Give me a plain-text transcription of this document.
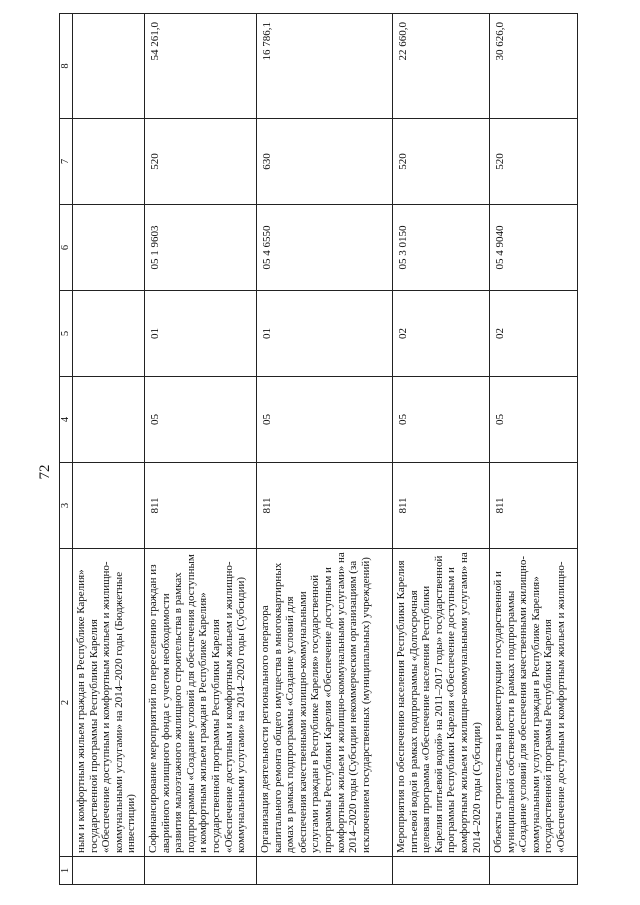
72
1	2	3	4	5	6	7	8
	ным и комфортным жильем граждан в Республике Карелия» государственной программы Республики Карелия «Обеспечение доступным и комфортным жильем и жилищно-коммунальными услугами» на 2014–2020 годы (Бюджетные инвестиции)						
	Софинансирование мероприятий по переселению граждан из аварийного жилищного фонда с учетом необходимости развития малоэтажного жилищного строительства в рамках подпрограммы «Создание условий для обеспечения доступным и комфортным жильем граждан в Республике Карелия» государственной программы Республики Карелия «Обеспечение доступным и комфортным жильем и жилищно-коммунальными услугами» на 2014–2020 годы (Субсидии)	811	05	01	05 1 9603	520	54 261,0
	Организация деятельности регионального оператора капитального ремонта общего имущества в многоквартирных домах в рамках подпрограммы «Создание условий для обеспечения качественными жилищно-коммунальными услугами граждан в Республике Карелия» государственной программы Республики Карелия «Обеспечение доступным и комфортным жильем и жилищно-коммунальными услугами» на 2014–2020 годы (Субсидии некоммерческим организациям (за исключением государственных (муниципальных) учреждений)	811	05	01	05 4 6550	630	16 786,1
	Мероприятия по обеспечению населения Республики Карелия питьевой водой в рамках подпрограммы «Долгосрочная целевая программа «Обеспечение населения Республики Карелия питьевой водой» на 2011–2017 годы» государственной программы Республики Карелия «Обеспечение доступным и комфортным жильем и жилищно-коммунальными услугами» на 2014–2020 годы (Субсидии)	811	05	02	05 3 0150	520	22 660,0
	Объекты строительства и реконструкции государственной и муниципальной собственности в рамках подпрограммы «Создание условий для обеспечения качественными жилищно-коммунальными услугами граждан в Республике Карелия» государственной программы Республики Карелия «Обеспечение доступным и комфортным жильем и жилищно-	811	05	02	05 4 9040	520	30 626,0
